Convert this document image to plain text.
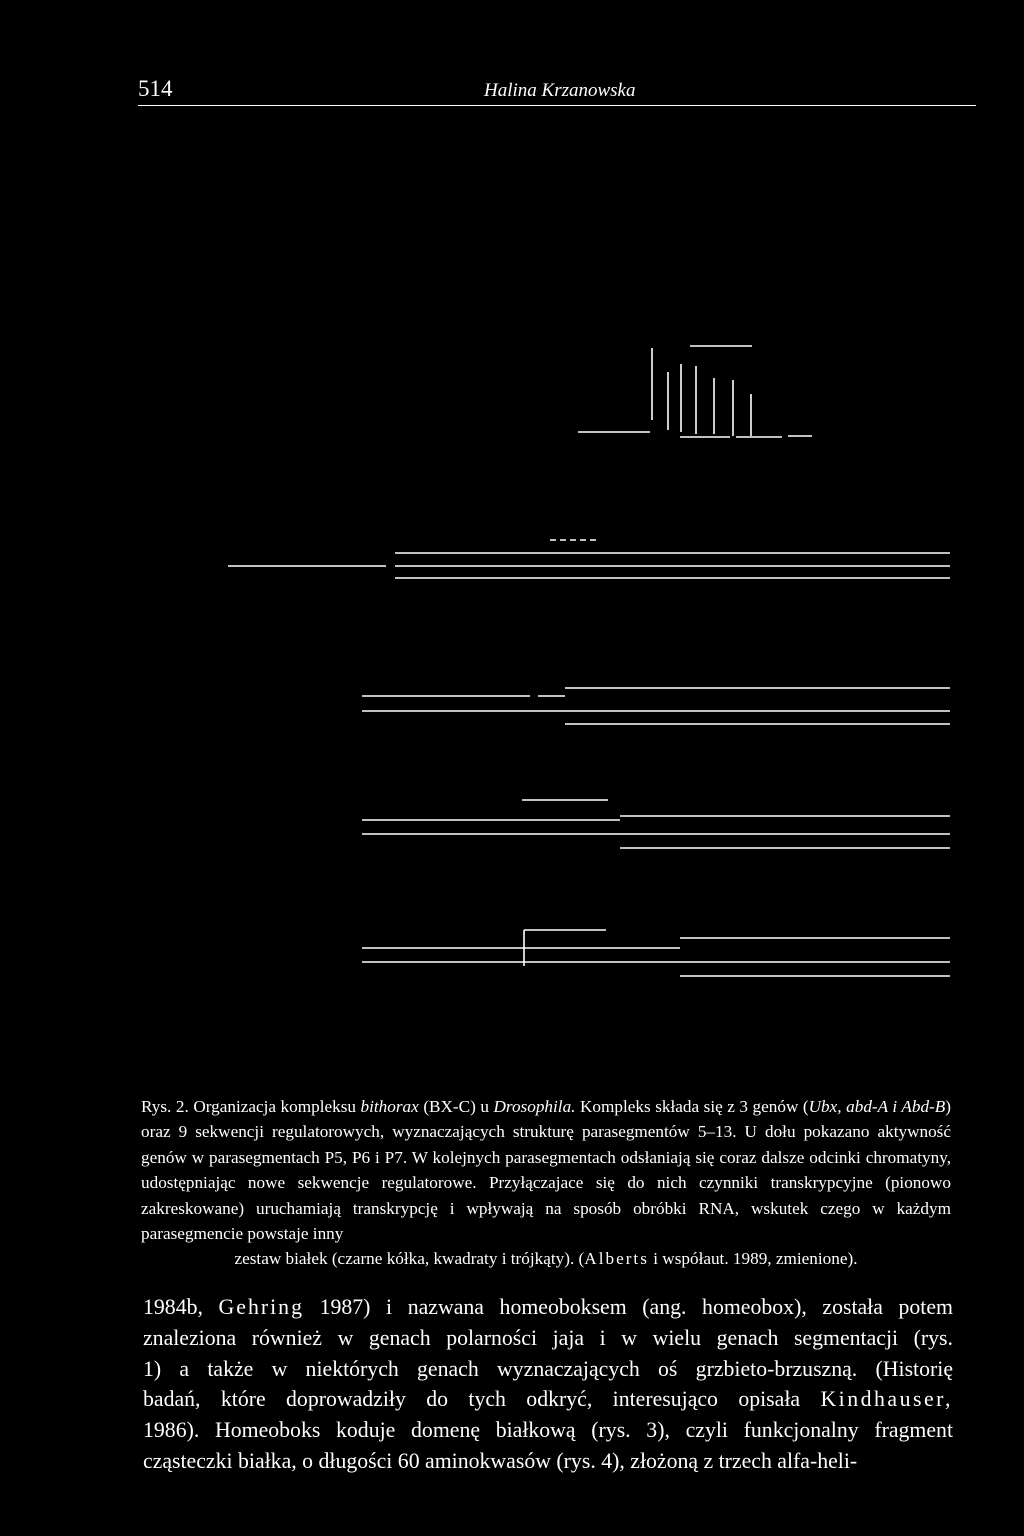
514	Halina Krzanowska
Rys. 2. Organizacja kompleksu bithorax (BX-C) u Drosophila. Kompleks składa się z 3 genów (Ubx, abd-A i Abd-B) oraz 9 sekwencji regulatorowych, wyznaczających strukturę parasegmentów 5–13. U dołu pokazano aktywność genów w parasegmentach P5, P6 i P7. W kolejnych parasegmentach odsłaniają się coraz dalsze odcinki chromatyny, udostępniając nowe sekwencje regulatorowe. Przyłączajace się do nich czynniki transkrypcyjne (pionowo zakreskowane) uruchamiają transkrypcję i wpływają na sposób obróbki RNA, wskutek czego w każdym parasegmencie powstaje inny
zestaw białek (czarne kółka, kwadraty i trójkąty). (Alberts i współaut. 1989, zmienione).
1984b, Gehring 1987) i nazwana homeoboksem (ang. homeobox), została potem
znaleziona również w genach polarności jaja i w wielu genach segmentacji (rys.
1) a także w niektórych genach wyznaczających oś grzbieto-brzuszną. (Historię
badań, które doprowadziły do tych odkryć, interesująco opisała Kindhauser,
1986). Homeoboks koduje domenę białkową (rys. 3), czyli funkcjonalny fragment
cząsteczki białka, o długości 60 aminokwasów (rys. 4), złożoną z trzech alfa-heli-
